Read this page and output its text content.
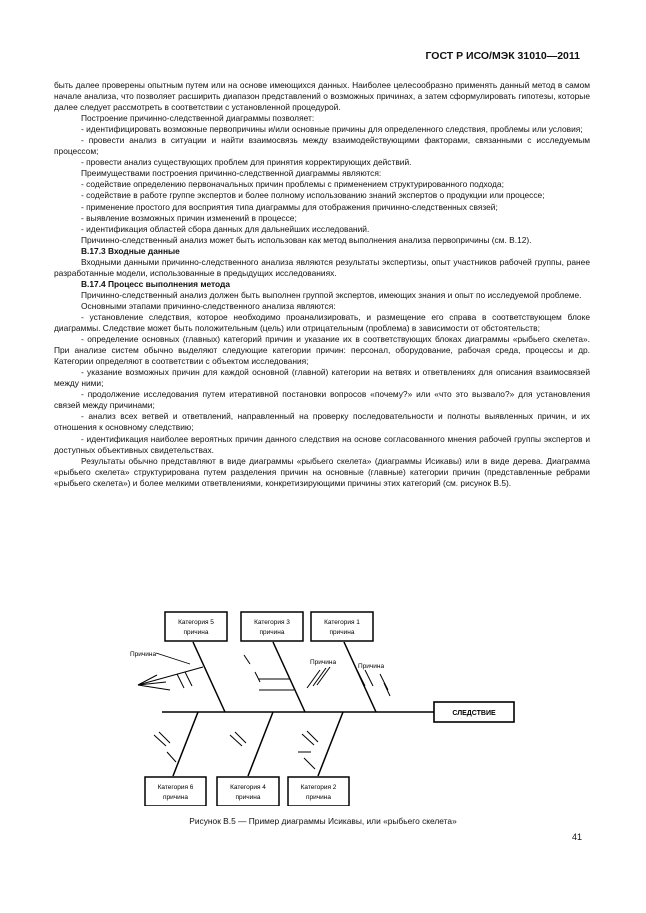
ГОСТ Р ИСО/МЭК 31010—2011

быть далее проверены опытным путем или на основе имеющихся данных. Наиболее целесообразно применять данный метод в самом начале анализа, что позволяет расширить диапазон представлений о возможных причинах, а затем сформулировать гипотезы, которые далее следует рассмотреть в соответствии с установленной процедурой.

Построение причинно-следственной диаграммы позволяет:

- идентифицировать возможные первопричины и/или основные причины для определенного следствия, проблемы или условия;

- провести анализ в ситуации и найти взаимосвязь между взаимодействующими факторами, связанными с исследуемым процессом;

- провести анализ существующих проблем для принятия корректирующих действий.

Преимуществами построения причинно-следственной диаграммы являются:

- содействие определению первоначальных причин проблемы с применением структурированного подхода;

- содействие в работе группе экспертов и более полному использованию знаний экспертов о продукции или процессе;

- применение простого для восприятия типа диаграммы для отображения причинно-следственных связей;

- выявление возможных причин изменений в процессе;

- идентификация областей сбора данных для дальнейших исследований.

Причинно-следственный анализ может быть использован как метод выполнения анализа первопричины (см. В.12).

В.17.3 Входные данные

Входными данными причинно-следственного анализа являются результаты экспертизы, опыт участников рабочей группы, ранее разработанные модели, использованные в предыдущих исследованиях.

В.17.4 Процесс выполнения метода

Причинно-следственный анализ должен быть выполнен группой экспертов, имеющих знания и опыт по исследуемой проблеме.

Основными этапами причинно-следственного анализа являются:

- установление следствия, которое необходимо проанализировать, и размещение его справа в соответствующем блоке диаграммы. Следствие может быть положительным (цель) или отрицательным (проблема) в зависимости от обстоятельств;

- определение основных (главных) категорий причин и указание их в соответствующих блоках диаграммы «рыбьего скелета». При анализе систем обычно выделяют следующие категории причин: персонал, оборудование, рабочая среда, процессы и др. Категории определяют в соответствии с объектом исследования;

- указание возможных причин для каждой основной (главной) категории на ветвях и ответвлениях для описания взаимосвязей между ними;

- продолжение исследования путем итеративной постановки вопросов «почему?» или «что это вызвало?» для установления связей между причинами;

- анализ всех ветвей и ответвлений, направленный на проверку последовательности и полноты выявленных причин, и их отношения к основному следствию;

- идентификация наиболее вероятных причин данного следствия на основе согласованного мнения рабочей группы экспертов и доступных объективных свидетельствах.

Результаты обычно представляют в виде диаграммы «рыбьего скелета» (диаграммы Исикавы) или в виде дерева. Диаграмма «рыбьего скелета» структурирована путем разделения причин на основные (главные) категории причин (представленные ребрами «рыбьего скелета») и более мелкими ответвлениями, конкретизирующими причины этих категорий (см. рисунок В.5).

СЛЕДСТВИЕ
Категория 5
причина
Категория 3
причина
Категория 1
причина
Категория 6
причина
Категория 4
причина
Категория 2
причина
Причина
Причина
Причина
Рисунок В.5 — Пример диаграммы Исикавы, или «рыбьего скелета»
41
